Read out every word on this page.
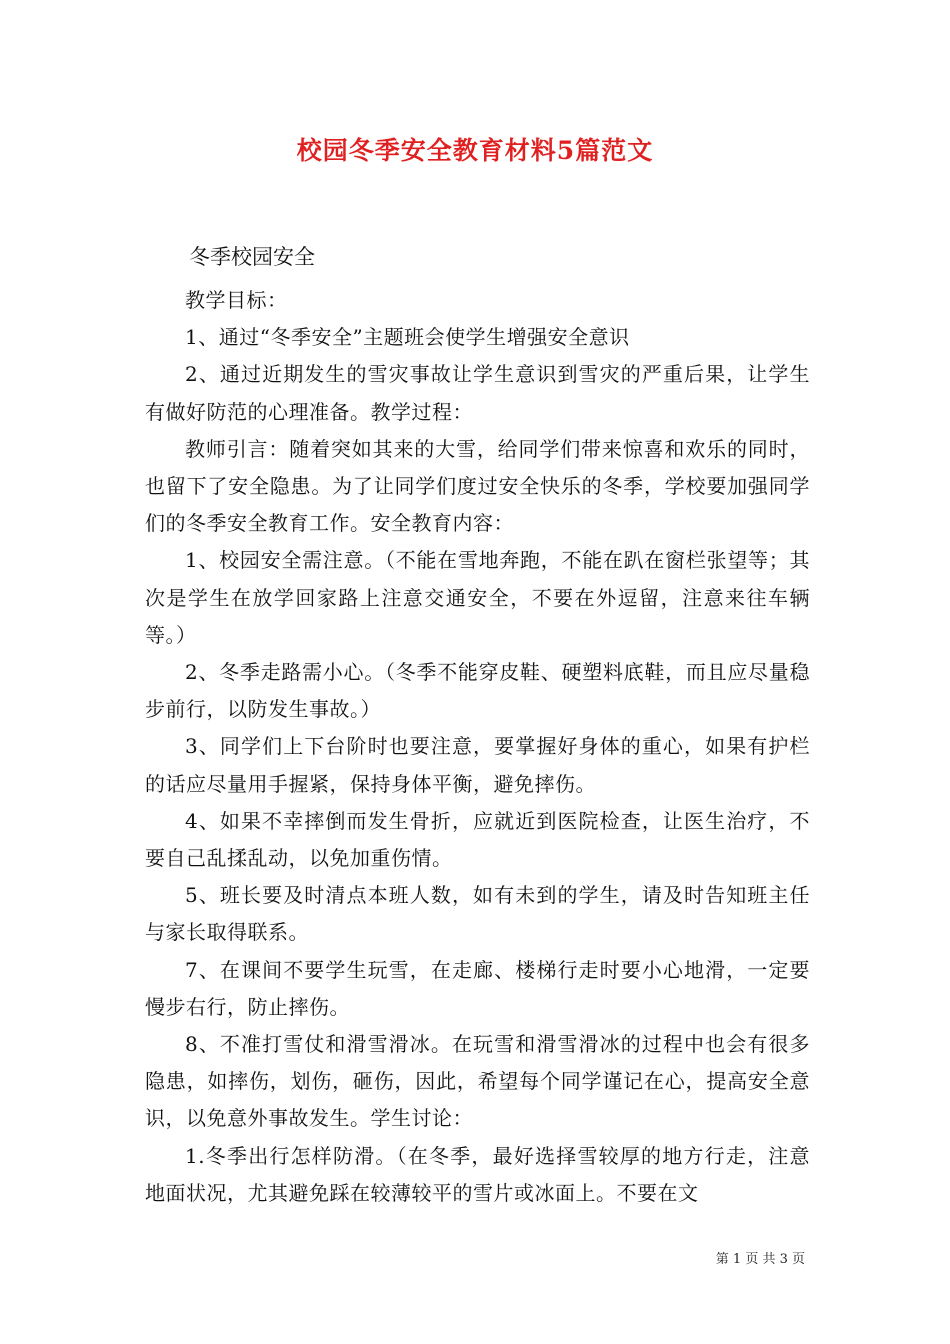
校园冬季安全教育材料5篇范文
冬季校园安全

教学目标：

1、通过“冬季安全”主题班会使学生增强安全意识

2、通过近期发生的雪灾事故让学生意识到雪灾的严重后果，让学生有做好防范的心理准备。教学过程：

教师引言：随着突如其来的大雪，给同学们带来惊喜和欢乐的同时，也留下了安全隐患。为了让同学们度过安全快乐的冬季，学校要加强同学们的冬季安全教育工作。安全教育内容：

1、校园安全需注意。（不能在雪地奔跑，不能在趴在窗栏张望等；其次是学生在放学回家路上注意交通安全，不要在外逗留，注意来往车辆等。）

2、冬季走路需小心。（冬季不能穿皮鞋、硬塑料底鞋，而且应尽量稳步前行，以防发生事故。）

3、同学们上下台阶时也要注意，要掌握好身体的重心，如果有护栏的话应尽量用手握紧，保持身体平衡，避免摔伤。

4、如果不幸摔倒而发生骨折，应就近到医院检查，让医生治疗，不要自己乱揉乱动，以免加重伤情。

5、班长要及时清点本班人数，如有未到的学生，请及时告知班主任与家长取得联系。

7、在课间不要学生玩雪，在走廊、楼梯行走时要小心地滑，一定要慢步右行，防止摔伤。

8、不准打雪仗和滑雪滑冰。在玩雪和滑雪滑冰的过程中也会有很多隐患，如摔伤，划伤，砸伤，因此，希望每个同学谨记在心，提高安全意识，以免意外事故发生。学生讨论：

1.冬季出行怎样防滑。（在冬季，最好选择雪较厚的地方行走，注意地面状况，尤其避免踩在较薄较平的雪片或冰面上。不要在文

第 1 页 共 3 页
